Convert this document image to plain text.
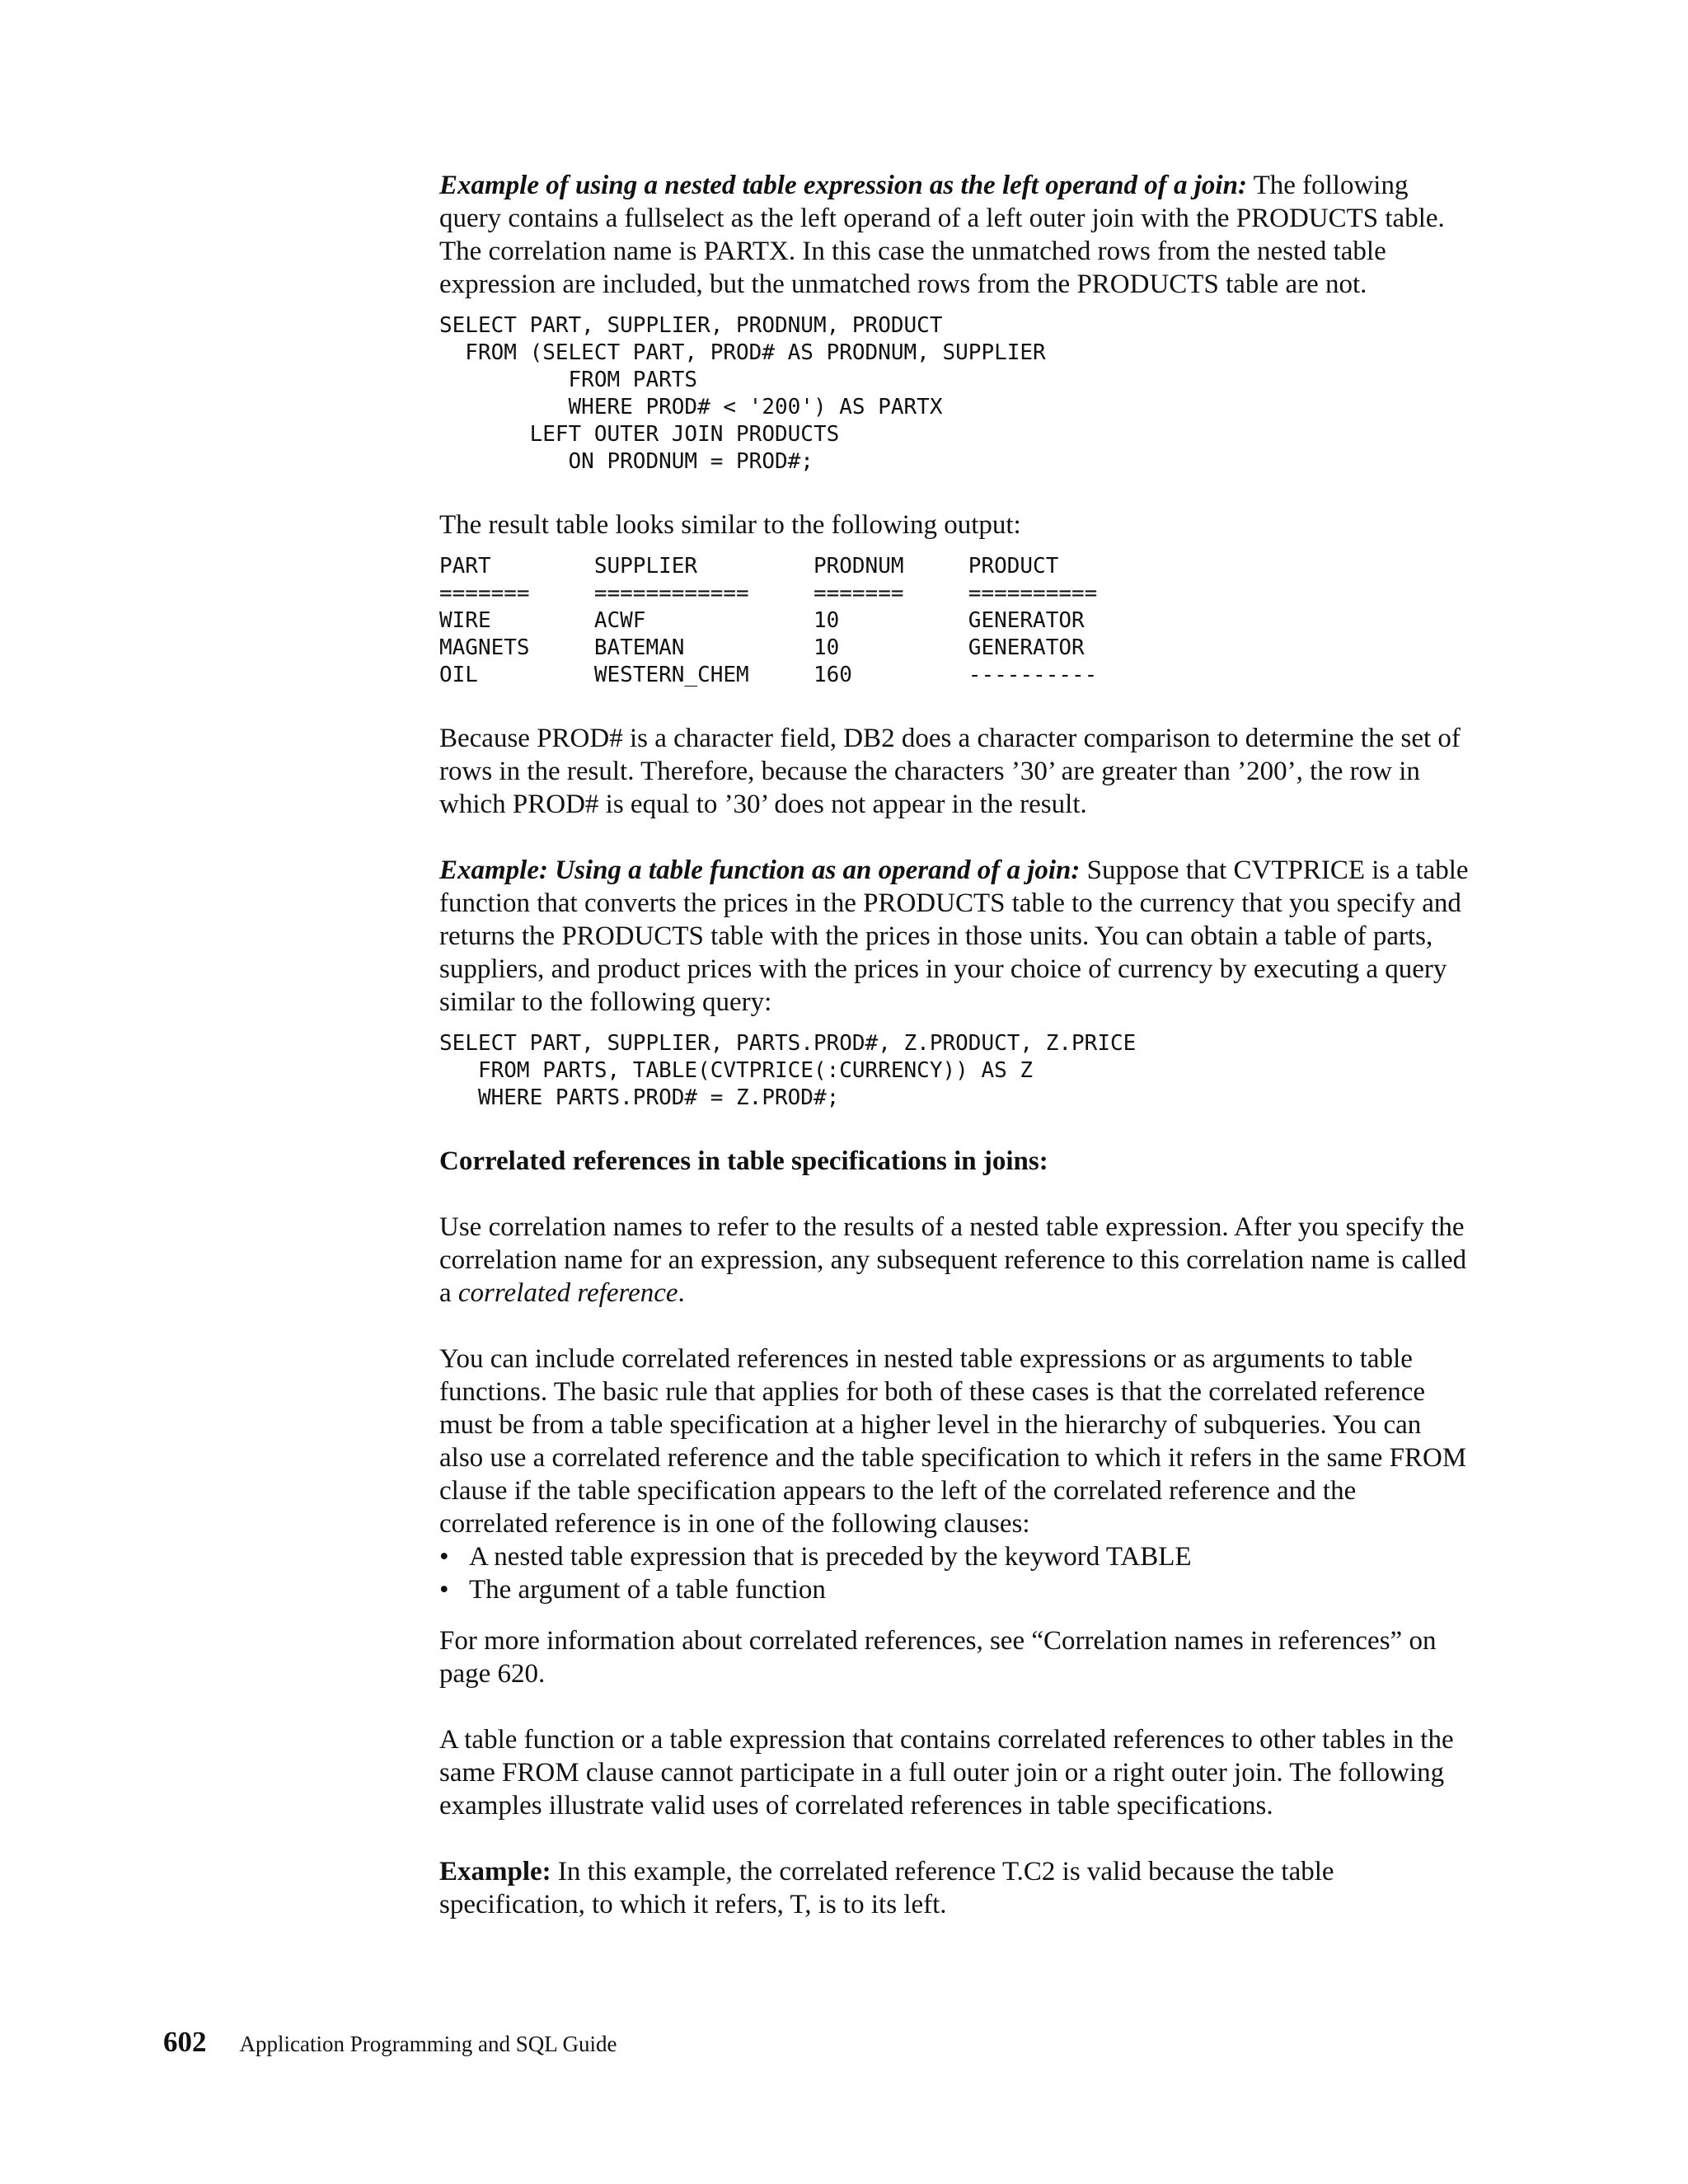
Example of using a nested table expression as the left operand of a join: The following query contains a fullselect as the left operand of a left outer join with the PRODUCTS table. The correlation name is PARTX. In this case the unmatched rows from the nested table expression are included, but the unmatched rows from the PRODUCTS table are not.

SELECT PART, SUPPLIER, PRODNUM, PRODUCT
FROM (SELECT PART, PROD# AS PRODNUM, SUPPLIER
FROM PARTS
WHERE PROD# < '200') AS PARTX
LEFT OUTER JOIN PRODUCTS
ON PRODNUM = PROD#;

The result table looks similar to the following output:

PART        SUPPLIER         PRODNUM     PRODUCT
=======     ============     =======     ==========
WIRE        ACWF             10          GENERATOR
MAGNETS     BATEMAN          10          GENERATOR
OIL         WESTERN_CHEM     160         ----------

Because PROD# is a character field, DB2 does a character comparison to determine the set of rows in the result. Therefore, because the characters ’30’ are greater than ’200’, the row in which PROD# is equal to ’30’ does not appear in the result.

Example: Using a table function as an operand of a join: Suppose that CVTPRICE is a table function that converts the prices in the PRODUCTS table to the currency that you specify and returns the PRODUCTS table with the prices in those units. You can obtain a table of parts, suppliers, and product prices with the prices in your choice of currency by executing a query similar to the following query:

SELECT PART, SUPPLIER, PARTS.PROD#, Z.PRODUCT, Z.PRICE
FROM PARTS, TABLE(CVTPRICE(:CURRENCY)) AS Z
WHERE PARTS.PROD# = Z.PROD#;
Correlated references in table specifications in joins:

Use correlation names to refer to the results of a nested table expression. After you specify the correlation name for an expression, any subsequent reference to this correlation name is called a correlated reference.

You can include correlated references in nested table expressions or as arguments to table functions. The basic rule that applies for both of these cases is that the correlated reference must be from a table specification at a higher level in the hierarchy of subqueries. You can also use a correlated reference and the table specification to which it refers in the same FROM clause if the table specification appears to the left of the correlated reference and the correlated reference is in one of the following clauses:

• A nested table expression that is preceded by the keyword TABLE
• The argument of a table function

For more information about correlated references, see “Correlation names in references” on page 620.

A table function or a table expression that contains correlated references to other tables in the same FROM clause cannot participate in a full outer join or a right outer join. The following examples illustrate valid uses of correlated references in table specifications.

Example: In this example, the correlated reference T.C2 is valid because the table specification, to which it refers, T, is to its left.

602 Application Programming and SQL Guide
